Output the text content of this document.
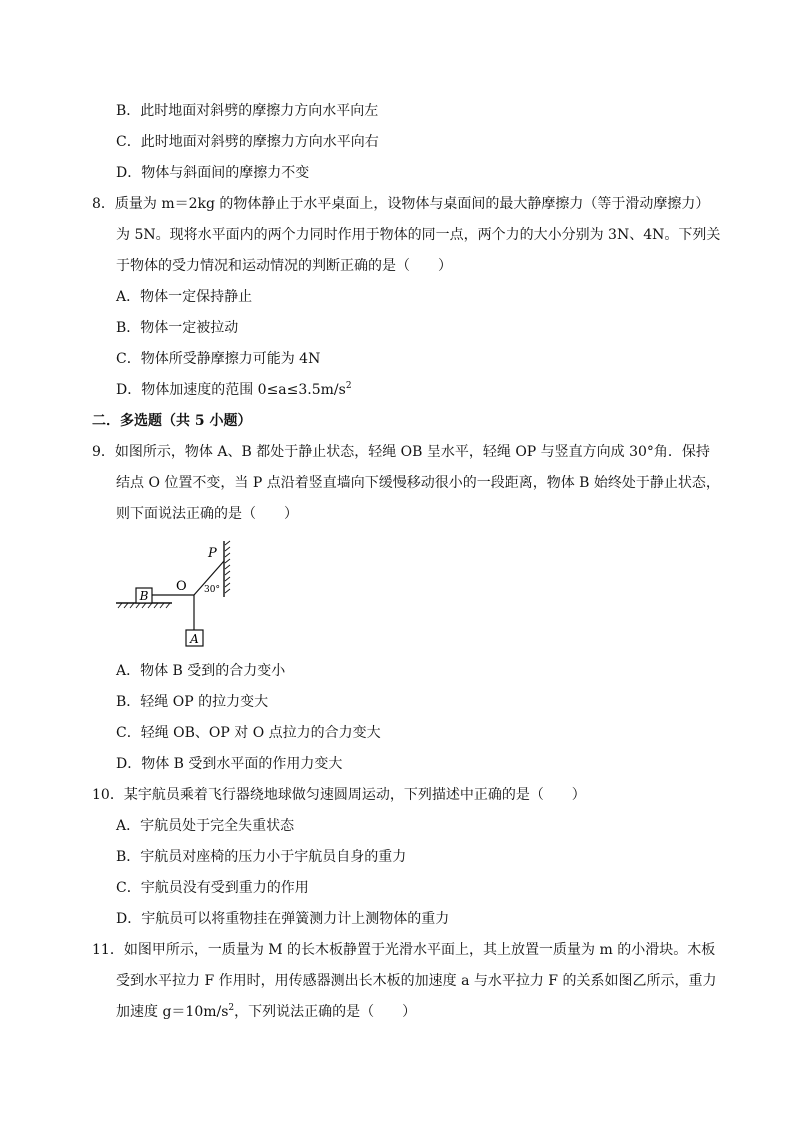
B．此时地面对斜劈的摩擦力方向水平向左
C．此时地面对斜劈的摩擦力方向水平向右
D．物体与斜面间的摩擦力不变
8．质量为 m＝2kg 的物体静止于水平桌面上，设物体与桌面间的最大静摩擦力（等于滑动摩擦力）
为 5N。现将水平面内的两个力同时作用于物体的同一点，两个力的大小分别为 3N、4N。下列关
于物体的受力情况和运动情况的判断正确的是（　　）
A．物体一定保持静止
B．物体一定被拉动
C．物体所受静摩擦力可能为 4N
D．物体加速度的范围 $0\le a\le 3.5m/s^2$
二．多选题（共 5 小题）
9．如图所示，物体 A、B 都处于静止状态，轻绳 OB 呈水平，轻绳 OP 与竖直方向成 30°角．保持
结点 O 位置不变，当 P 点沿着竖直墙向下缓慢移动很小的一段距离，物体 B 始终处于静止状态，
则下面说法正确的是（　　）
B
A
O
P
30°
A．物体 B 受到的合力变小
B．轻绳 OP 的拉力变大
C．轻绳 OB、OP 对 O 点拉力的合力变大
D．物体 B 受到水平面的作用力变大
10．某宇航员乘着飞行器绕地球做匀速圆周运动，下列描述中正确的是（　　）
A．宇航员处于完全失重状态
B．宇航员对座椅的压力小于宇航员自身的重力
C．宇航员没有受到重力的作用
D．宇航员可以将重物挂在弹簧测力计上测物体的重力
11．如图甲所示，一质量为 M 的长木板静置于光滑水平面上，其上放置一质量为 m 的小滑块。木板
受到水平拉力 F 作用时，用传感器测出长木板的加速度 a 与水平拉力 F 的关系如图乙所示，重力
加速度 $g=10m/s^2$，下列说法正确的是（　　）
